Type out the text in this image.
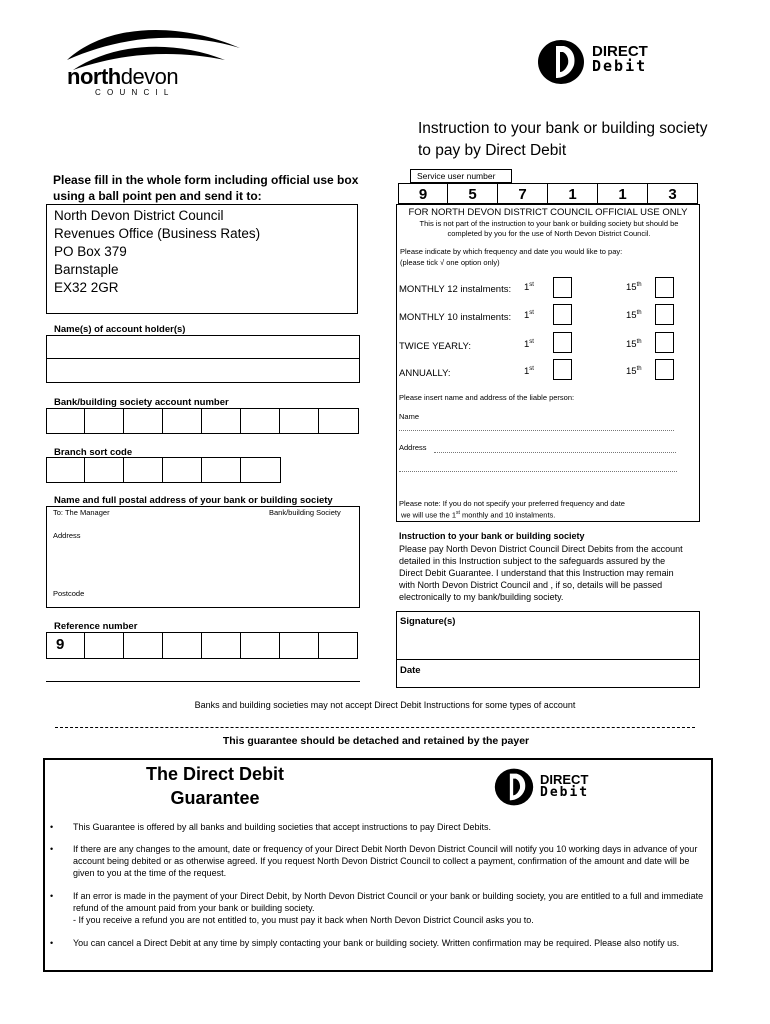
northdevon
C O U N C I L
DIRECT
Debit
Instruction to your bank or building society to pay by Direct Debit
Please fill in the whole form including official use box using a ball point pen and send it to:
North Devon District Council
Revenues Office (Business Rates)
PO Box 379
Barnstaple
EX32 2GR
Service user number
9	5	7	1	1	3
FOR NORTH DEVON DISTRICT COUNCIL OFFICIAL USE ONLY
This is not part of the instruction to your bank or building society but should be completed by you for the use of North Devon District Council.
Please indicate by which frequency and date you would like to pay:
(please tick √ one option only)
MONTHLY 12 instalments: 1st	15th
MONTHLY 10 instalments: 1st	15th
TWICE YEARLY:	1st	15th
ANNUALLY:	1st	15th
Please insert name and address of the liable person:
Name
Address
Please note: If you do not specify your preferred frequency and date
we will use the 1st monthly and 10 instalments.
Name(s) of account holder(s)
Bank/building society account number
Branch sort code
Name and full postal address of your bank or building society
To: The Manager	Bank/building Society
Address
Postcode
Reference number
9
Instruction to your bank or building society
Please pay North Devon District Council Direct Debits from the account detailed in this Instruction subject to the safeguards assured by the Direct Debit Guarantee. I understand that this Instruction may remain with North Devon District Council and , if so, details will be passed electronically to my bank/building society.
Signature(s)
Date
Banks and building societies may not accept Direct Debit Instructions for some types of account
This guarantee should be detached and retained by the payer
The Direct Debit
Guarantee
DIRECT
Debit
• This Guarantee is offered by all banks and building societies that accept instructions to pay Direct Debits.
• If there are any changes to the amount, date or frequency of your Direct Debit North Devon District Council will notify you 10 working days in advance of your account being debited or as otherwise agreed. If you request North Devon District Council to collect a payment, confirmation of the amount and date will be given to you at the time of the request.
• If an error is made in the payment of your Direct Debit, by North Devon District Council or your bank or building society, you are entitled to a full and immediate refund of the amount paid from your bank or building society.
- If you receive a refund you are not entitled to, you must pay it back when North Devon District Council asks you to.
• You can cancel a Direct Debit at any time by simply contacting your bank or building society. Written confirmation may be required. Please also notify us.
